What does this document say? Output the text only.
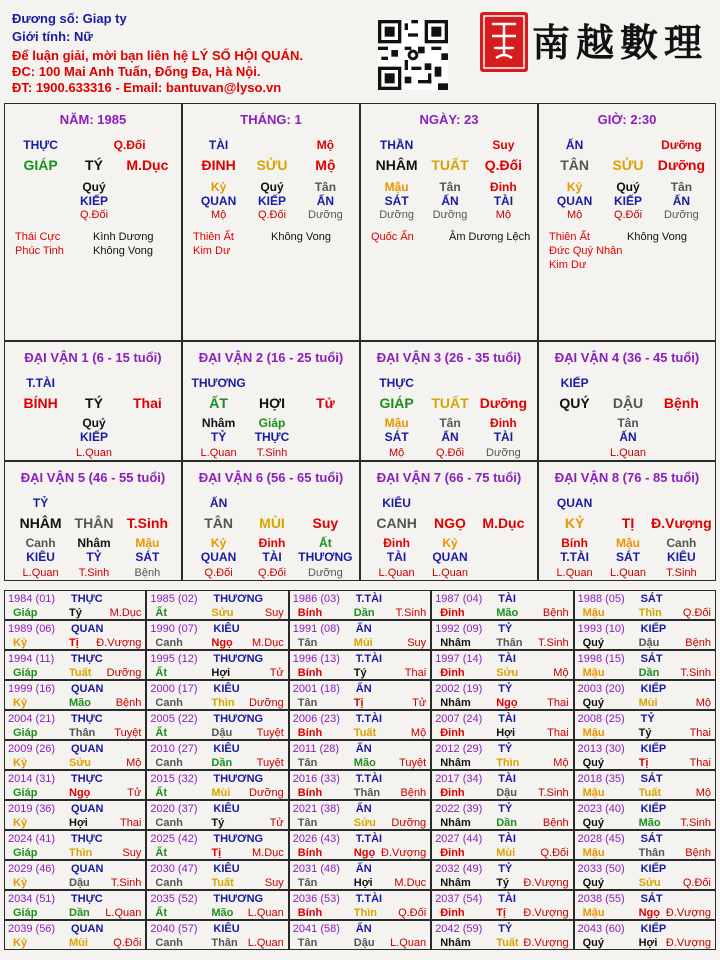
Đương số: Giap ty
Giới tính: Nữ
Để luận giải, mời bạn liên hệ LÝ SỐ HỘI QUÁN.
ĐC: 100 Mai Anh Tuấn, Đống Đa, Hà Nội.
ĐT: 1900.633316 - Email: bantuvan@lyso.vn
南越數理
NĂM: 1985
THỰC	Q.Đối
GIÁP TÝ M.Dục
Quý
KIẾP
Q.Đối
Thái Cực
Phúc Tinh
Kình Dương
Không Vong
THÁNG: 1
TÀI	Mộ
ĐINH SỬU Mộ
Kỷ	Quý	Tân
QUAN KIẾP	ẤN
Mộ	Q.Đối Dưỡng
Thiên Ất
Kim Dư
Không Vong
NGÀY: 23
THẦN	Suy
NHÂM TUẤT Q.Đối
Mậu	Tân Đinh
SÁT	ẤN	TÀI
Dưỡng Dưỡng	Mộ
Quốc Ấn	Âm Dương Lệch
GIỜ: 2:30
ẤN	Dưỡng
TÂN SỬU Dưỡng
Kỷ	Quý	Tân
QUAN KIẾP	ẤN
Mộ	Q.Đối Dưỡng
Thiên Ất
Đức Quý Nhân
Kim Dư
Không Vong
ĐẠI VẬN 1 (6 - 15 tuổi)
T.TÀI
BÍNH TÝ Thai
Quý
KIẾP
L.Quan
ĐẠI VẬN 2 (16 - 25 tuổi)
THƯƠNG
ẤT HỢI Tử
Nhâm Giáp
TỶ THỰC
L.Quan T.Sinh
ĐẠI VẬN 3 (26 - 35 tuổi)
THỰC
GIÁP TUẤT Dưỡng
Mậu	Tân Đinh
SÁT	ẤN	TÀI
Mộ	Q.Đối Dưỡng
ĐẠI VẬN 4 (36 - 45 tuổi)
KIẾP
QUÝ DẬU Bệnh
Tân
ẤN
L.Quan
ĐẠI VẬN 5 (46 - 55 tuổi)
TỶ
NHÂM THÂN T.Sinh
Canh Nhâm Mậu
KIÊU	TỶ	SÁT
L.Quan T.Sinh Bệnh
ĐẠI VẬN 6 (56 - 65 tuổi)
ẤN
TÂN MÙI Suy
Kỷ	Đinh	Ất
QUAN TÀI THƯƠNG
Q.Đối Q.Đối Dưỡng
ĐẠI VẬN 7 (66 - 75 tuổi)
KIÊU
CANH NGỌ M.Dục
Đinh	Kỷ
TÀI QUAN
L.Quan L.Quan
ĐẠI VẬN 8 (76 - 85 tuổi)
QUAN
KỶ	TỊ Đ.Vượng
Bính Mậu Canh
T.TÀI SÁT KIÊU
L.Quan L.Quan T.Sinh
1984 (01) THỰC
Giáp	Tý	M.Dục
1985 (02) THƯƠNG
Ất	Sửu	Suy
1986 (03) T.TÀI
Bính	Dần T.Sinh
1987 (04) TÀI
Đinh	Mão Bệnh
1988 (05) SÁT
Mậu	Thìn Q.Đối
1989 (06) QUAN
Kỷ	Tị Đ.Vượng
1990 (07) KIÊU
Canh	Ngọ M.Dục
1991 (08) ẤN
Tân	Mùi	Suy
1992 (09) TỶ
Nhâm Thân T.Sinh
1993 (10) KIẾP
Quý	Dậu Bệnh
1994 (11) THỰC
Giáp	Tuất Dưỡng
1995 (12) THƯƠNG
Ất	Hợi	Tử
1996 (13) T.TÀI
Bính	Tý	Thai
1997 (14) TÀI
Đinh	Sửu	Mộ
1998 (15) SÁT
Mậu	Dần T.Sinh
1999 (16) QUAN
Kỷ	Mão Bệnh
2000 (17) KIÊU
Canh	Thìn Dưỡng
2001 (18) ẤN
Tân	Tị	Tử
2002 (19) TỶ
Nhâm Ngọ	Thai
2003 (20) KIẾP
Quý	Mùi	Mộ
2004 (21) THỰC
Giáp	Thân Tuyệt
2005 (22) THƯƠNG
Ất	Dậu Tuyệt
2006 (23) T.TÀI
Bính	Tuất	Mộ
2007 (24) TÀI
Đinh	Hợi	Thai
2008 (25) TỶ
Mậu	Tý	Thai
2009 (26) QUAN
Kỷ	Sửu	Mộ
2010 (27) KIÊU
Canh	Dần Tuyệt
2011 (28) ẤN
Tân	Mão Tuyệt
2012 (29) TỶ
Nhâm Thìn	Mộ
2013 (30) KIẾP
Quý	Tị	Thai
2014 (31) THỰC
Giáp	Ngọ	Tử
2015 (32) THƯƠNG
Ất	Mùi Dưỡng
2016 (33) T.TÀI
Bính	Thân Bệnh
2017 (34) TÀI
Đinh	Dậu T.Sinh
2018 (35) SÁT
Mậu	Tuất	Mộ
2019 (36) QUAN
Kỷ	Hợi	Thai
2020 (37) KIÊU
Canh	Tý	Tử
2021 (38) ẤN
Tân	Sửu Dưỡng
2022 (39) TỶ
Nhâm Dần Bệnh
2023 (40) KIẾP
Quý	Mão T.Sinh
2024 (41) THỰC
Giáp	Thìn	Suy
2025 (42) THƯƠNG
Ất	Tị	M.Dục
2026 (43) T.TÀI
Bính	Ngọ Đ.Vượng
2027 (44) TÀI
Đinh	Mùi Q.Đối
2028 (45) SÁT
Mậu	Thân Bệnh
2029 (46) QUAN
Kỷ	Dậu T.Sinh
2030 (47) KIÊU
Canh	Tuất	Suy
2031 (48) ẤN
Tân	Hợi M.Dục
2032 (49) TỶ
Nhâm Tý Đ.Vượng
2033 (50) KIẾP
Quý	Sửu Q.Đối
2034 (51) THỰC
Giáp	Dần L.Quan
2035 (52) THƯƠNG
Ất	Mão L.Quan
2036 (53) T.TÀI
Bính	Thìn Q.Đối
2037 (54) TÀI
Đinh	Tị Đ.Vượng
2038 (55) SÁT
Mậu	Ngọ Đ.Vượng
2039 (56) QUAN
Kỷ	Mùi Q.Đối
2040 (57) KIÊU
Canh	Thân L.Quan
2041 (58) ẤN
Tân	Dậu L.Quan
2042 (59) TỶ
Nhâm Tuất Đ.Vượng
2043 (60) KIẾP
Quý	Hợi Đ.Vượng
